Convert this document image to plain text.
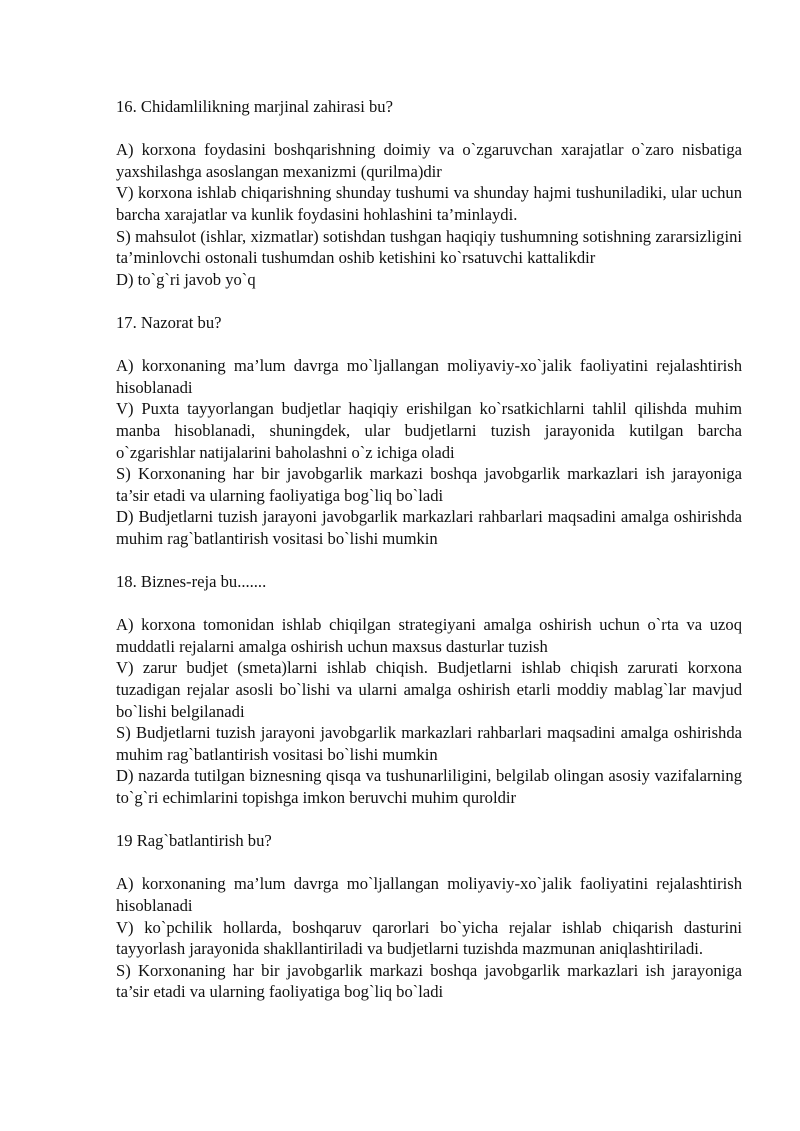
16. Chidamlilikning marjinal zahirasi bu?
A) korxona foydasini boshqarishning doimiy va o`zgaruvchan xarajatlar o`zaro nisbatiga yaxshilashga asoslangan mexanizmi (qurilma)dir
V) korxona ishlab chiqarishning shunday tushumi va shunday hajmi tushuniladiki, ular uchun barcha xarajatlar va kunlik foydasini hohlashini ta’minlaydi.
S) mahsulot (ishlar, xizmatlar) sotishdan tushgan haqiqiy tushumning sotishning zararsizligini ta’minlovchi ostonali tushumdan oshib ketishini ko`rsatuvchi kattalikdir
D) to`g`ri javob yo`q
17. Nazorat bu?
A) korxonaning ma’lum davrga mo`ljallangan moliyaviy-xo`jalik faoliyatini rejalashtirish hisoblanadi
V) Puxta tayyorlangan budjetlar haqiqiy erishilgan ko`rsatkichlarni tahlil qilishda muhim manba hisoblanadi, shuningdek, ular budjetlarni tuzish jarayonida kutilgan barcha o`zgarishlar natijalarini baholashni o`z ichiga oladi
S) Korxonaning har bir javobgarlik markazi boshqa javobgarlik markazlari ish jarayoniga ta’sir etadi va ularning faoliyatiga bog`liq bo`ladi
D) Budjetlarni tuzish jarayoni javobgarlik markazlari rahbarlari maqsadini amalga oshirishda muhim rag`batlantirish vositasi bo`lishi mumkin
18. Biznes-reja bu.......
A) korxona tomonidan ishlab chiqilgan strategiyani amalga oshirish uchun o`rta va uzoq muddatli rejalarni amalga oshirish uchun maxsus dasturlar tuzish
V) zarur budjet (smeta)larni ishlab chiqish. Budjetlarni ishlab chiqish zarurati korxona tuzadigan rejalar asosli bo`lishi va ularni amalga oshirish etarli moddiy mablag`lar mavjud bo`lishi belgilanadi
S) Budjetlarni tuzish jarayoni javobgarlik markazlari rahbarlari maqsadini amalga oshirishda muhim rag`batlantirish vositasi bo`lishi mumkin
D) nazarda tutilgan biznesning qisqa va tushunarliligini, belgilab olingan asosiy vazifalarning to`g`ri echimlarini topishga imkon beruvchi muhim quroldir
19 Rag`batlantirish bu?
A) korxonaning ma’lum davrga mo`ljallangan moliyaviy-xo`jalik faoliyatini rejalashtirish hisoblanadi
V) ko`pchilik hollarda, boshqaruv qarorlari bo`yicha rejalar ishlab chiqarish dasturini tayyorlash jarayonida shakllantiriladi va budjetlarni tuzishda mazmunan aniqlashtiriladi.
S) Korxonaning har bir javobgarlik markazi boshqa javobgarlik markazlari ish jarayoniga ta’sir etadi va ularning faoliyatiga bog`liq bo`ladi
